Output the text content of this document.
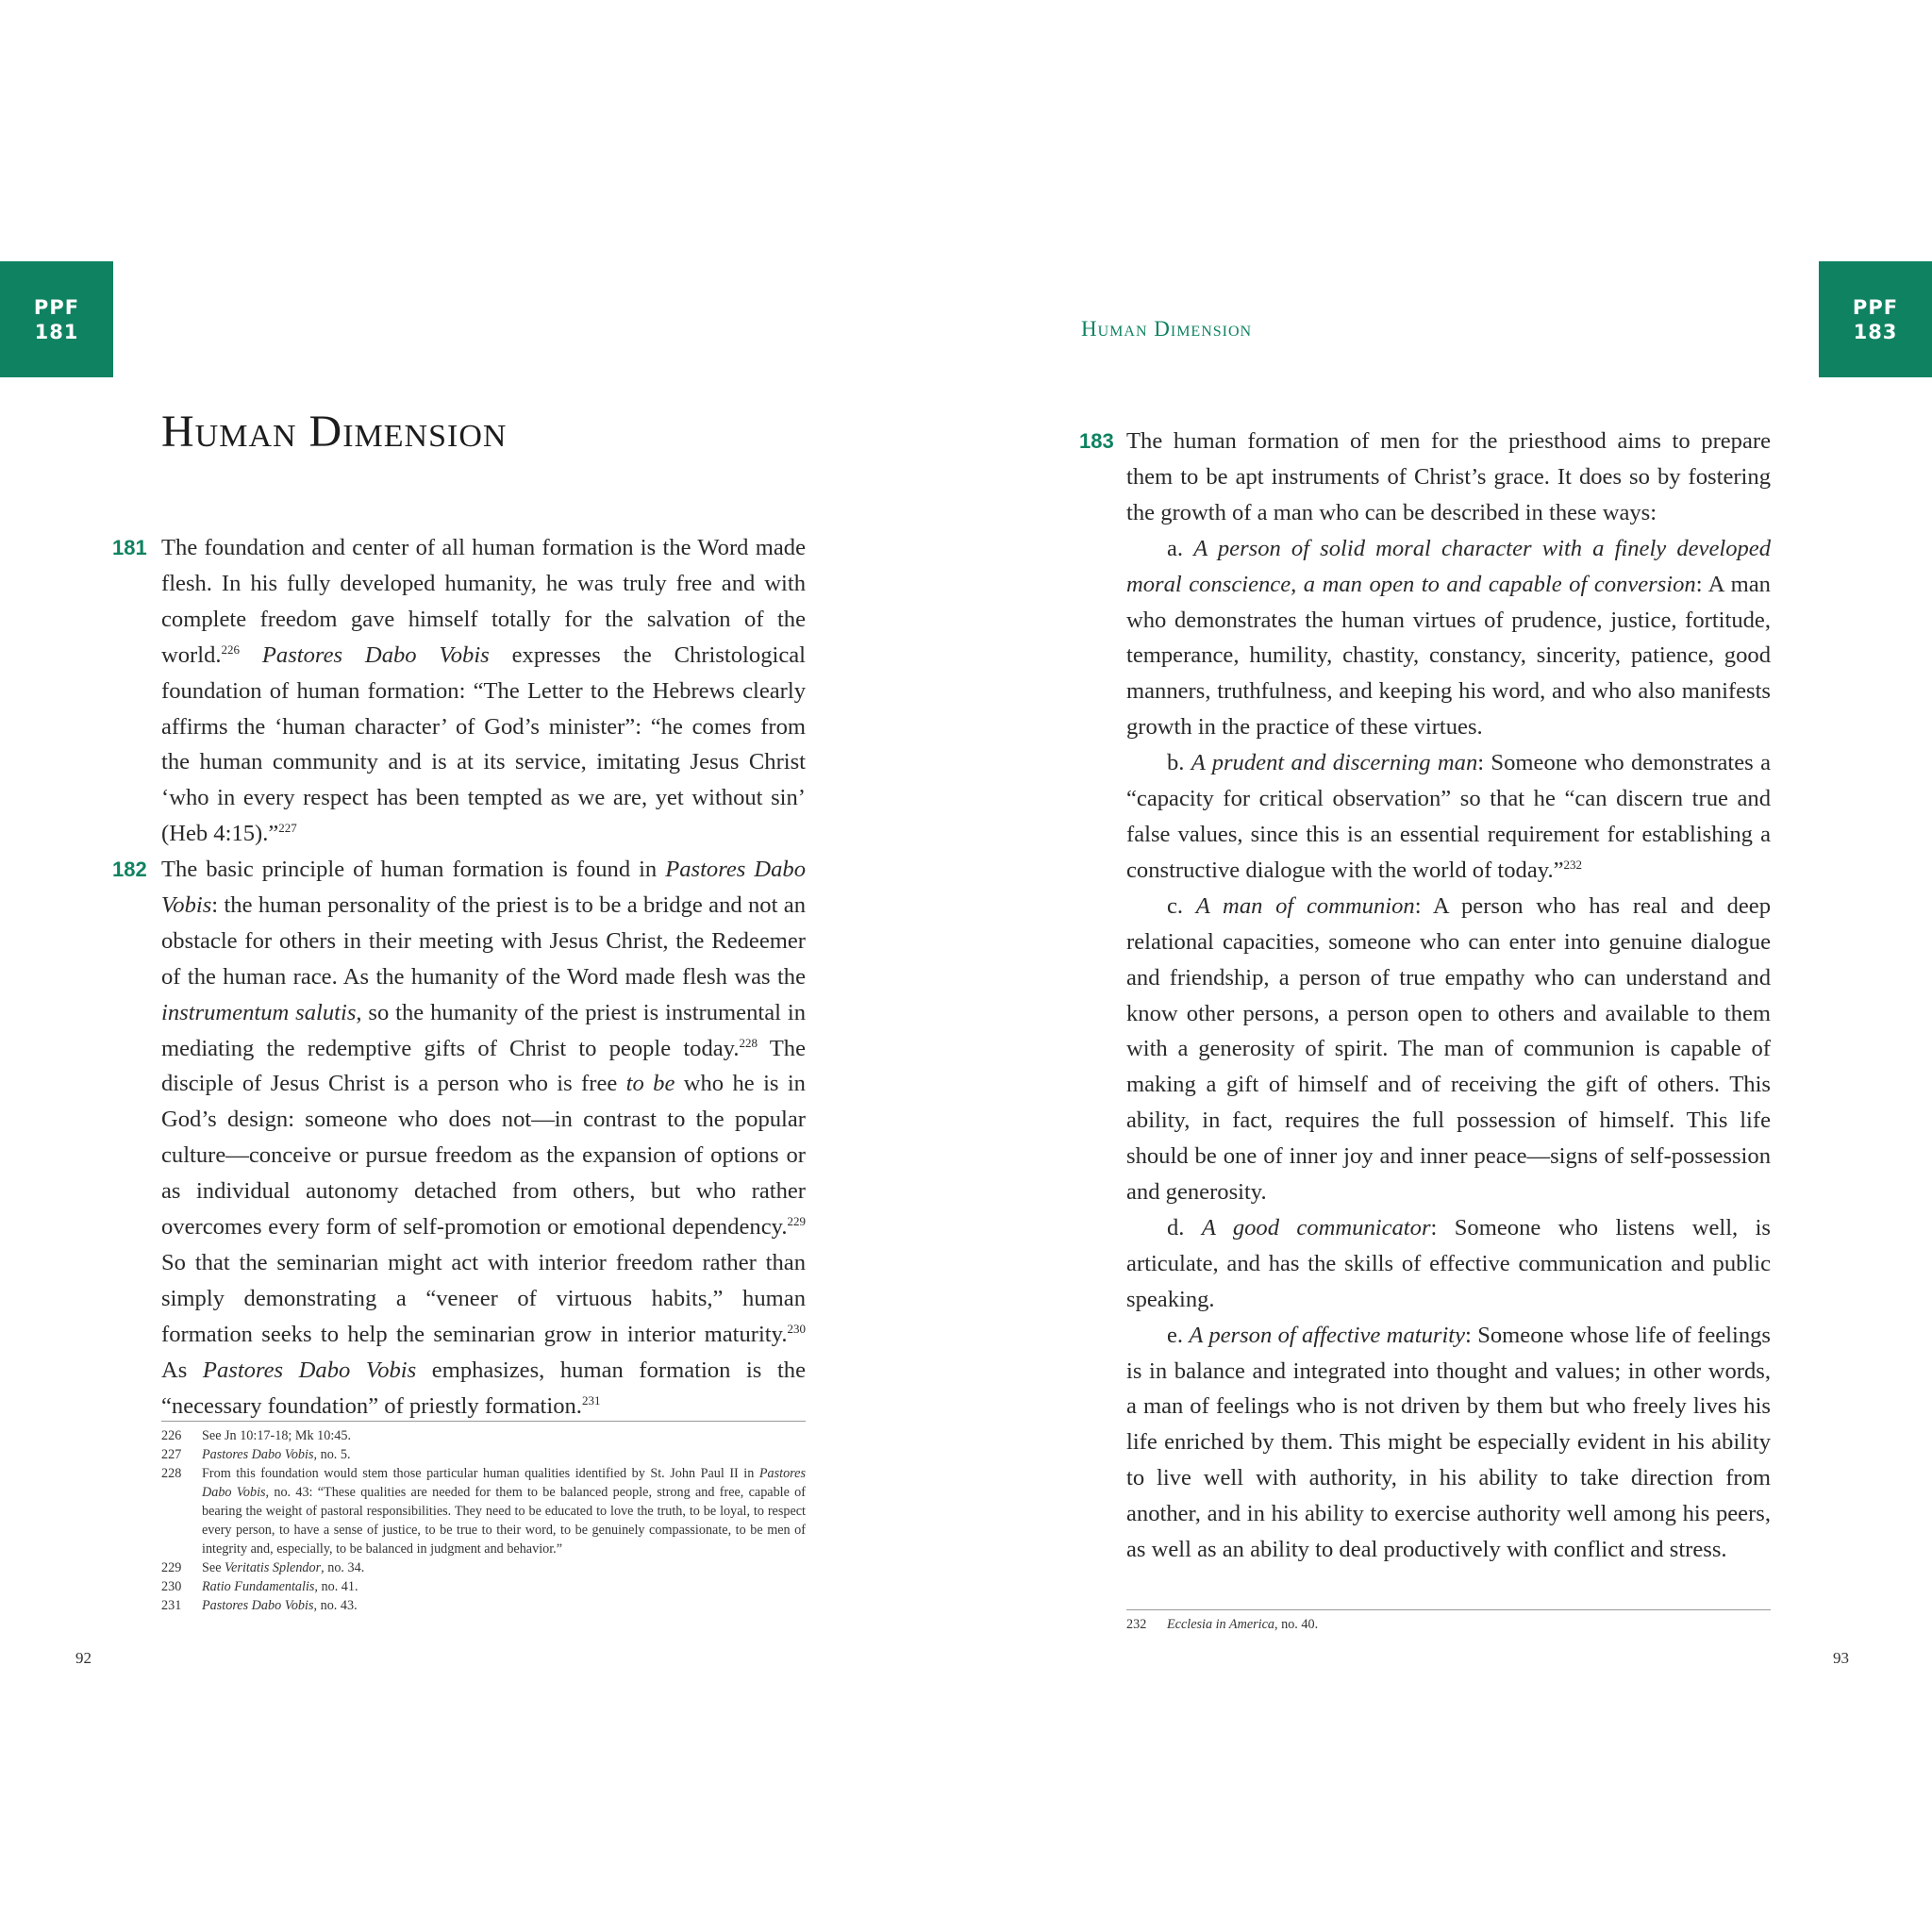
PPF
181
Human Dimension
181 The foundation and center of all human formation is the Word made flesh. In his fully developed humanity, he was truly free and with complete freedom gave himself totally for the salvation of the world.$^{226}$ Pastores Dabo Vobis expresses the Christological foundation of human formation: “The Letter to the Hebrews clearly affirms the ‘human character’ of God’s minister”: “he comes from the human community and is at its service, imitating Jesus Christ ‘who in every respect has been tempted as we are, yet without sin’ (Heb 4:15).”$^{227}$

182 The basic principle of human formation is found in Pastores Dabo Vobis: the human personality of the priest is to be a bridge and not an obstacle for others in their meeting with Jesus Christ, the Redeemer of the human race. As the humanity of the Word made flesh was the instrumentum salutis, so the humanity of the priest is instrumental in mediating the redemptive gifts of Christ to people today.$^{228}$ The disciple of Jesus Christ is a person who is free to be who he is in God’s design: someone who does not—in contrast to the popular culture—conceive or pursue freedom as the expansion of options or as individual autonomy detached from others, but who rather overcomes every form of self-promotion or emotional dependency.$^{229}$ So that the seminarian might act with interior freedom rather than simply demonstrating a “veneer of virtuous habits,” human formation seeks to help the seminarian grow in interior maturity.$^{230}$ As Pastores Dabo Vobis emphasizes, human formation is the “necessary foundation” of priestly formation.$^{231}$

226	See Jn 10:17-18; Mk 10:45.
227	Pastores Dabo Vobis, no. 5.
228	From this foundation would stem those particular human qualities identified by St. John Paul II in Pastores Dabo Vobis, no. 43: “These qualities are needed for them to be balanced people, strong and free, capable of bearing the weight of pastoral responsibilities. They need to be educated to love the truth, to be loyal, to respect every person, to have a sense of justice, to be true to their word, to be genuinely compassionate, to be men of integrity and, especially, to be balanced in judgment and behavior.”
229	See Veritatis Splendor, no. 34.
230	Ratio Fundamentalis, no. 41.
231	Pastores Dabo Vobis, no. 43.
92
Human Dimension
PPF
183
183 The human formation of men for the priesthood aims to prepare them to be apt instruments of Christ’s grace. It does so by fostering the growth of a man who can be described in these ways:

a. A person of solid moral character with a finely developed moral conscience, a man open to and capable of conversion: A man who demonstrates the human virtues of prudence, justice, fortitude, temperance, humility, chastity, constancy, sincerity, patience, good manners, truthfulness, and keeping his word, and who also manifests growth in the practice of these virtues.

b. A prudent and discerning man: Someone who demonstrates a “capacity for critical observation” so that he “can discern true and false values, since this is an essential requirement for establishing a constructive dialogue with the world of today.”$^{232}$

c. A man of communion: A person who has real and deep relational capacities, someone who can enter into genuine dialogue and friendship, a person of true empathy who can understand and know other persons, a person open to others and available to them with a generosity of spirit. The man of communion is capable of making a gift of himself and of receiving the gift of others. This ability, in fact, requires the full possession of himself. This life should be one of inner joy and inner peace—signs of self-possession and generosity.

d. A good communicator: Someone who listens well, is articulate, and has the skills of effective communication and public speaking.

e. A person of affective maturity: Someone whose life of feelings is in balance and integrated into thought and values; in other words, a man of feelings who is not driven by them but who freely lives his life enriched by them. This might be especially evident in his ability to live well with authority, in his ability to take direction from another, and in his ability to exercise authority well among his peers, as well as an ability to deal productively with conflict and stress.

232	Ecclesia in America, no. 40.
93
